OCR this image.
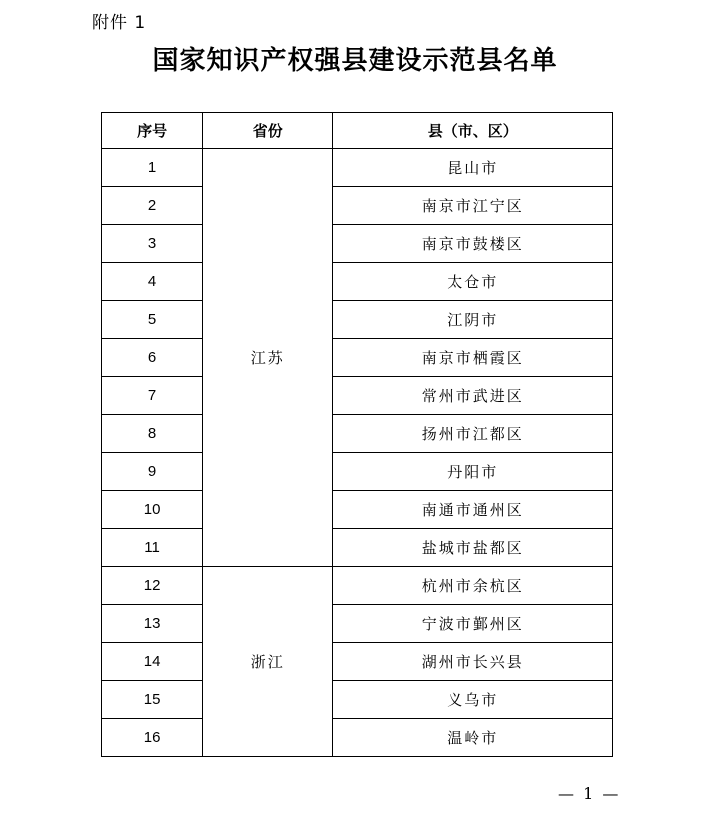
附件 1
国家知识产权强县建设示范县名单
序号	省份	县（市、区）
1	江苏	昆山市
2		南京市江宁区
3		南京市鼓楼区
4		太仓市
5		江阴市
6		南京市栖霞区
7		常州市武进区
8		扬州市江都区
9		丹阳市
10		南通市通州区
11		盐城市盐都区
12	浙江	杭州市余杭区
13		宁波市鄞州区
14		湖州市长兴县
15		义乌市
16		温岭市
— 1 —
